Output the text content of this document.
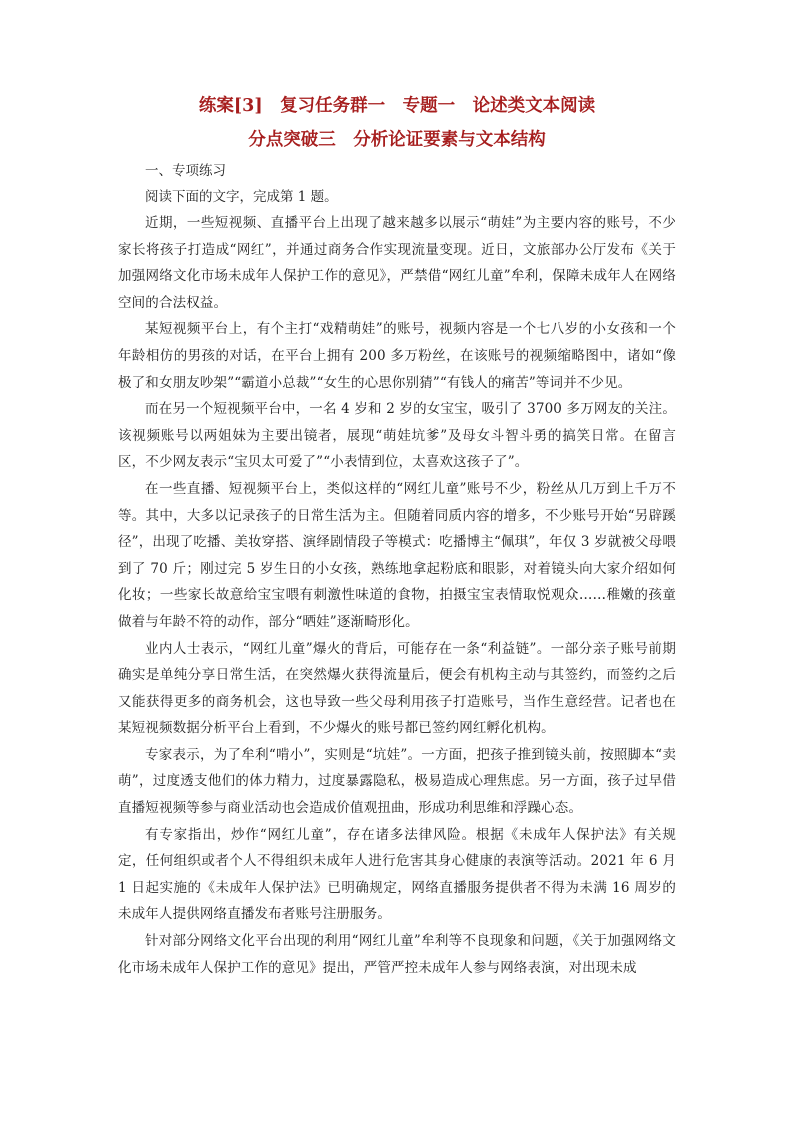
练案[3]　复习任务群一　专题一　论述类文本阅读
分点突破三　分析论证要素与文本结构

一、专项练习

阅读下面的文字，完成第 1 题。

近期，一些短视频、直播平台上出现了越来越多以展示“萌娃”为主要内容的账号，不少家长将孩子打造成“网红”，并通过商务合作实现流量变现。近日，文旅部办公厅发布《关于加强网络文化市场未成年人保护工作的意见》，严禁借“网红儿童”牟利，保障未成年人在网络空间的合法权益。

某短视频平台上，有个主打“戏精萌娃”的账号，视频内容是一个七八岁的小女孩和一个年龄相仿的男孩的对话，在平台上拥有 200 多万粉丝，在该账号的视频缩略图中，诸如“像极了和女朋友吵架”“霸道小总裁”“女生的心思你别猜”“有钱人的痛苦”等词并不少见。

而在另一个短视频平台中，一名 4 岁和 2 岁的女宝宝，吸引了 3700 多万网友的关注。该视频账号以两姐妹为主要出镜者，展现“萌娃坑爹”及母女斗智斗勇的搞笑日常。在留言区，不少网友表示“宝贝太可爱了”“小表情到位，太喜欢这孩子了”。

在一些直播、短视频平台上，类似这样的“网红儿童”账号不少，粉丝从几万到上千万不等。其中，大多以记录孩子的日常生活为主。但随着同质内容的增多，不少账号开始“另辟蹊径”，出现了吃播、美妆穿搭、演绎剧情段子等模式：吃播博主“佩琪”，年仅 3 岁就被父母喂到了 70 斤；刚过完 5 岁生日的小女孩，熟练地拿起粉底和眼影，对着镜头向大家介绍如何化妆；一些家长故意给宝宝喂有刺激性味道的食物，拍摄宝宝表情取悦观众……稚嫩的孩童做着与年龄不符的动作，部分“晒娃”逐渐畸形化。

业内人士表示，“网红儿童”爆火的背后，可能存在一条“利益链”。一部分亲子账号前期确实是单纯分享日常生活，在突然爆火获得流量后，便会有机构主动与其签约，而签约之后又能获得更多的商务机会，这也导致一些父母利用孩子打造账号，当作生意经营。记者也在某短视频数据分析平台上看到，不少爆火的账号都已签约网红孵化机构。

专家表示，为了牟利“啃小”，实则是“坑娃”。一方面，把孩子推到镜头前，按照脚本“卖萌”，过度透支他们的体力精力，过度暴露隐私，极易造成心理焦虑。另一方面，孩子过早借直播短视频等参与商业活动也会造成价值观扭曲，形成功利思维和浮躁心态。

有专家指出，炒作“网红儿童”，存在诸多法律风险。根据《未成年人保护法》有关规定，任何组织或者个人不得组织未成年人进行危害其身心健康的表演等活动。2021 年 6 月 1 日起实施的《未成年人保护法》已明确规定，网络直播服务提供者不得为未满 16 周岁的未成年人提供网络直播发布者账号注册服务。

针对部分网络文化平台出现的利用“网红儿童”牟利等不良现象和问题，《关于加强网络文化市场未成年人保护工作的意见》提出，严管严控未成年人参与网络表演，对出现未成
